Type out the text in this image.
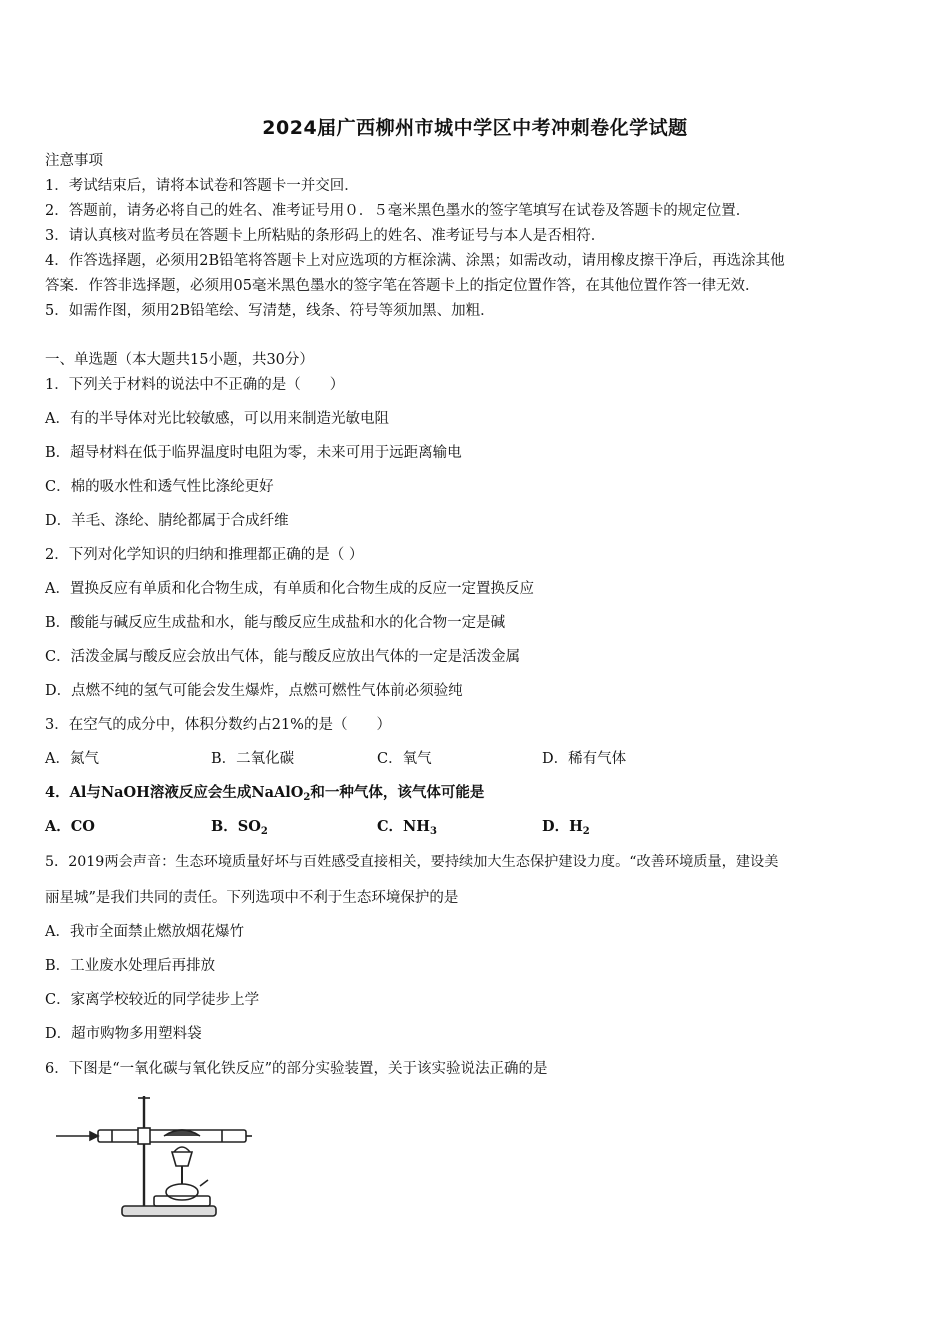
2024届广西柳州市城中学区中考冲刺卷化学试题
注意事项
1．考试结束后，请将本试卷和答题卡一并交回．
2．答题前，请务必将自己的姓名、准考证号用０．５毫米黑色墨水的签字笔填写在试卷及答题卡的规定位置．
3．请认真核对监考员在答题卡上所粘贴的条形码上的姓名、准考证号与本人是否相符．
4．作答选择题，必须用2B铅笔将答题卡上对应选项的方框涂满、涂黑；如需改动，请用橡皮擦干净后，再选涂其他
答案．作答非选择题，必须用05毫米黑色墨水的签字笔在答题卡上的指定位置作答，在其他位置作答一律无效．
5．如需作图，须用2B铅笔绘、写清楚，线条、符号等须加黑、加粗．
一、单选题（本大题共15小题，共30分）
1．下列关于材料的说法中不正确的是（　　）
A．有的半导体对光比较敏感，可以用来制造光敏电阻
B．超导材料在低于临界温度时电阻为零，未来可用于远距离输电
C．棉的吸水性和透气性比涤纶更好
D．羊毛、涤纶、腈纶都属于合成纤维
2．下列对化学知识的归纳和推理都正确的是（ ）
A．置换反应有单质和化合物生成，有单质和化合物生成的反应一定置换反应
B．酸能与碱反应生成盐和水，能与酸反应生成盐和水的化合物一定是碱
C．活泼金属与酸反应会放出气体，能与酸反应放出气体的一定是活泼金属
D．点燃不纯的氢气可能会发生爆炸，点燃可燃性气体前必须验纯
3．在空气的成分中，体积分数约占21%的是（　　）
A．氮气	B．二氧化碳	C．氧气	D．稀有气体
4．Al与NaOH溶液反应会生成NaAlO$_2$和一种气体，该气体可能是
A．CO	B．$SO_2$	C．$NH_3$	D．$H_2$
5．2019两会声音：生态环境质量好坏与百姓感受直接相关，要持续加大生态保护建设力度。“改善环境质量，建设美
丽星城”是我们共同的责任。下列选项中不利于生态环境保护的是
A．我市全面禁止燃放烟花爆竹
B．工业废水处理后再排放
C．家离学校较近的同学徒步上学
D．超市购物多用塑料袋
6．下图是“一氧化碳与氧化铁反应”的部分实验装置，关于该实验说法正确的是
